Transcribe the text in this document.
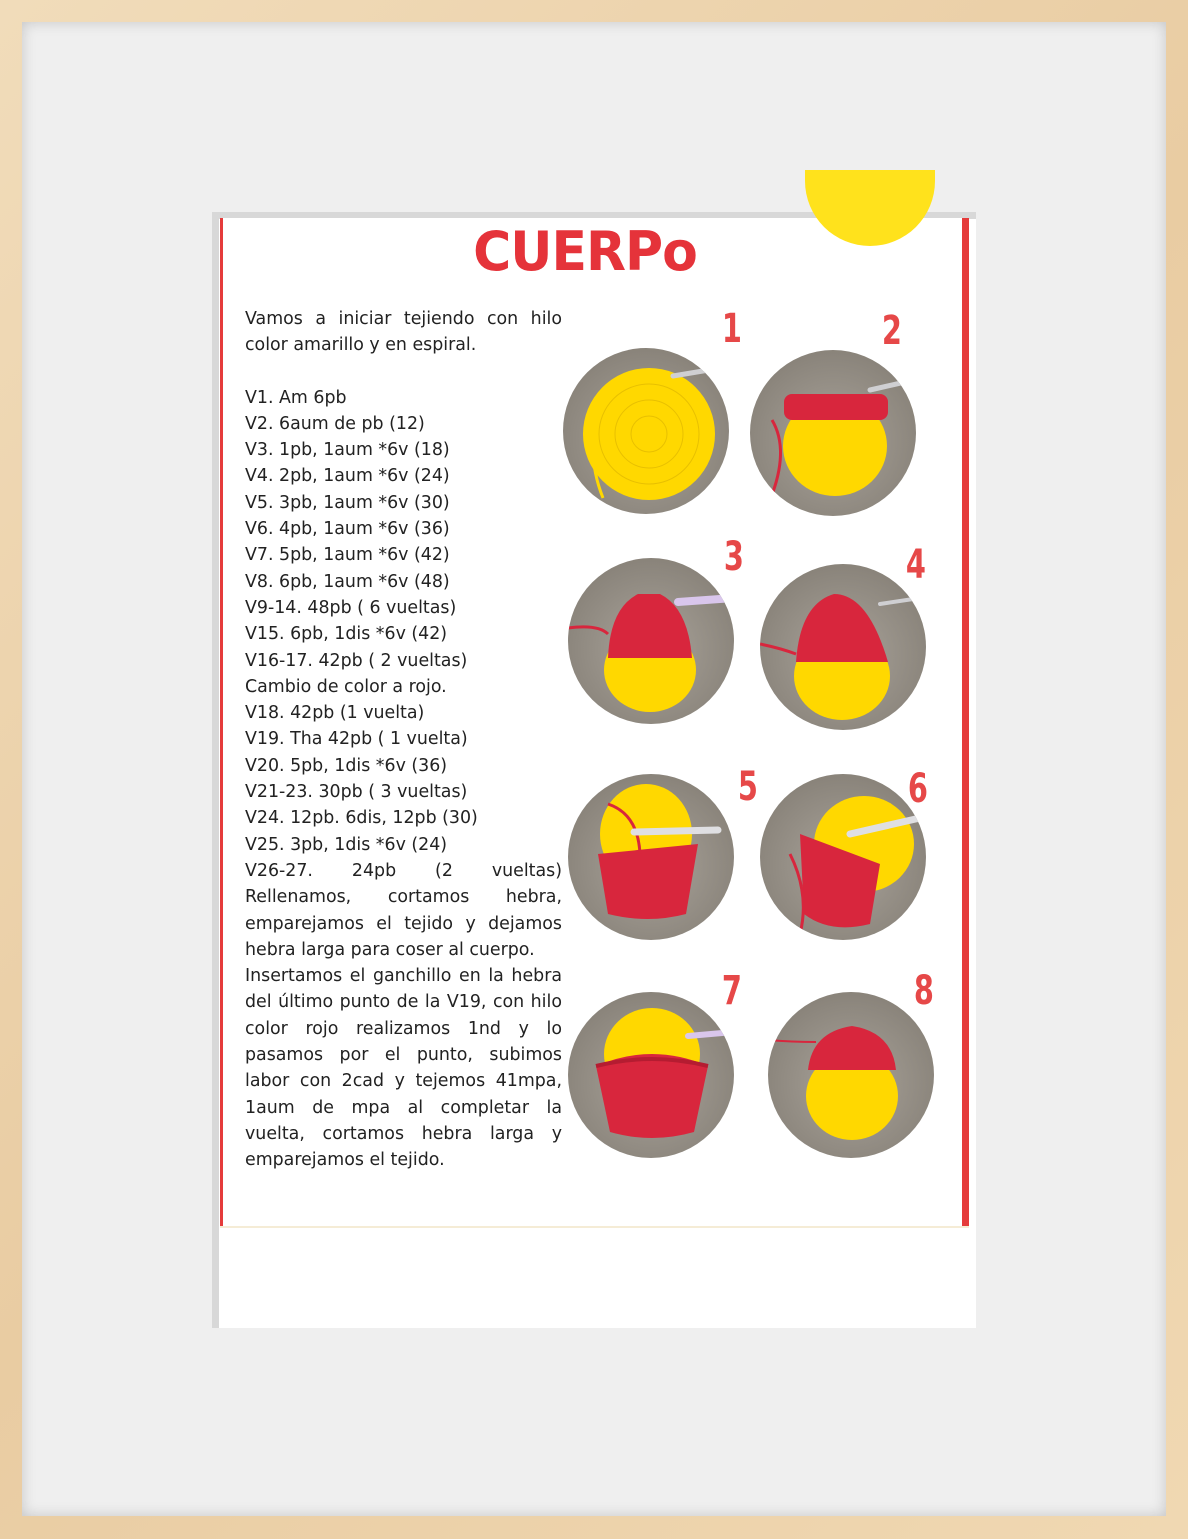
CUERPo
Vamos a iniciar tejiendo con hilo color amarillo y en espiral.
V1. Am 6pb
V2. 6aum de pb (12)
V3. 1pb, 1aum *6v (18)
V4. 2pb, 1aum *6v (24)
V5. 3pb, 1aum *6v (30)
V6. 4pb, 1aum *6v (36)
V7. 5pb, 1aum *6v (42)
V8. 6pb, 1aum *6v (48)
V9-14. 48pb ( 6 vueltas)
V15. 6pb, 1dis *6v (42)
V16-17. 42pb ( 2 vueltas)
Cambio de color a rojo.
V18. 42pb (1 vuelta)
V19. Tha 42pb ( 1 vuelta)
V20. 5pb, 1dis *6v (36)
V21-23. 30pb ( 3 vueltas)
V24. 12pb. 6dis, 12pb (30)
V25. 3pb, 1dis *6v (24)
V26-27. 24pb (2 vueltas) Rellenamos, cortamos hebra, emparejamos el tejido y dejamos hebra larga para coser al cuerpo.
Insertamos el ganchillo en la hebra del último punto de la V19, con hilo color rojo realizamos 1nd y lo pasamos por el punto, subimos labor con 2cad y tejemos 41mpa, 1aum de mpa al completar la vuelta, cortamos hebra larga y emparejamos el tejido.
1	2
3	4
5	6
7	8
